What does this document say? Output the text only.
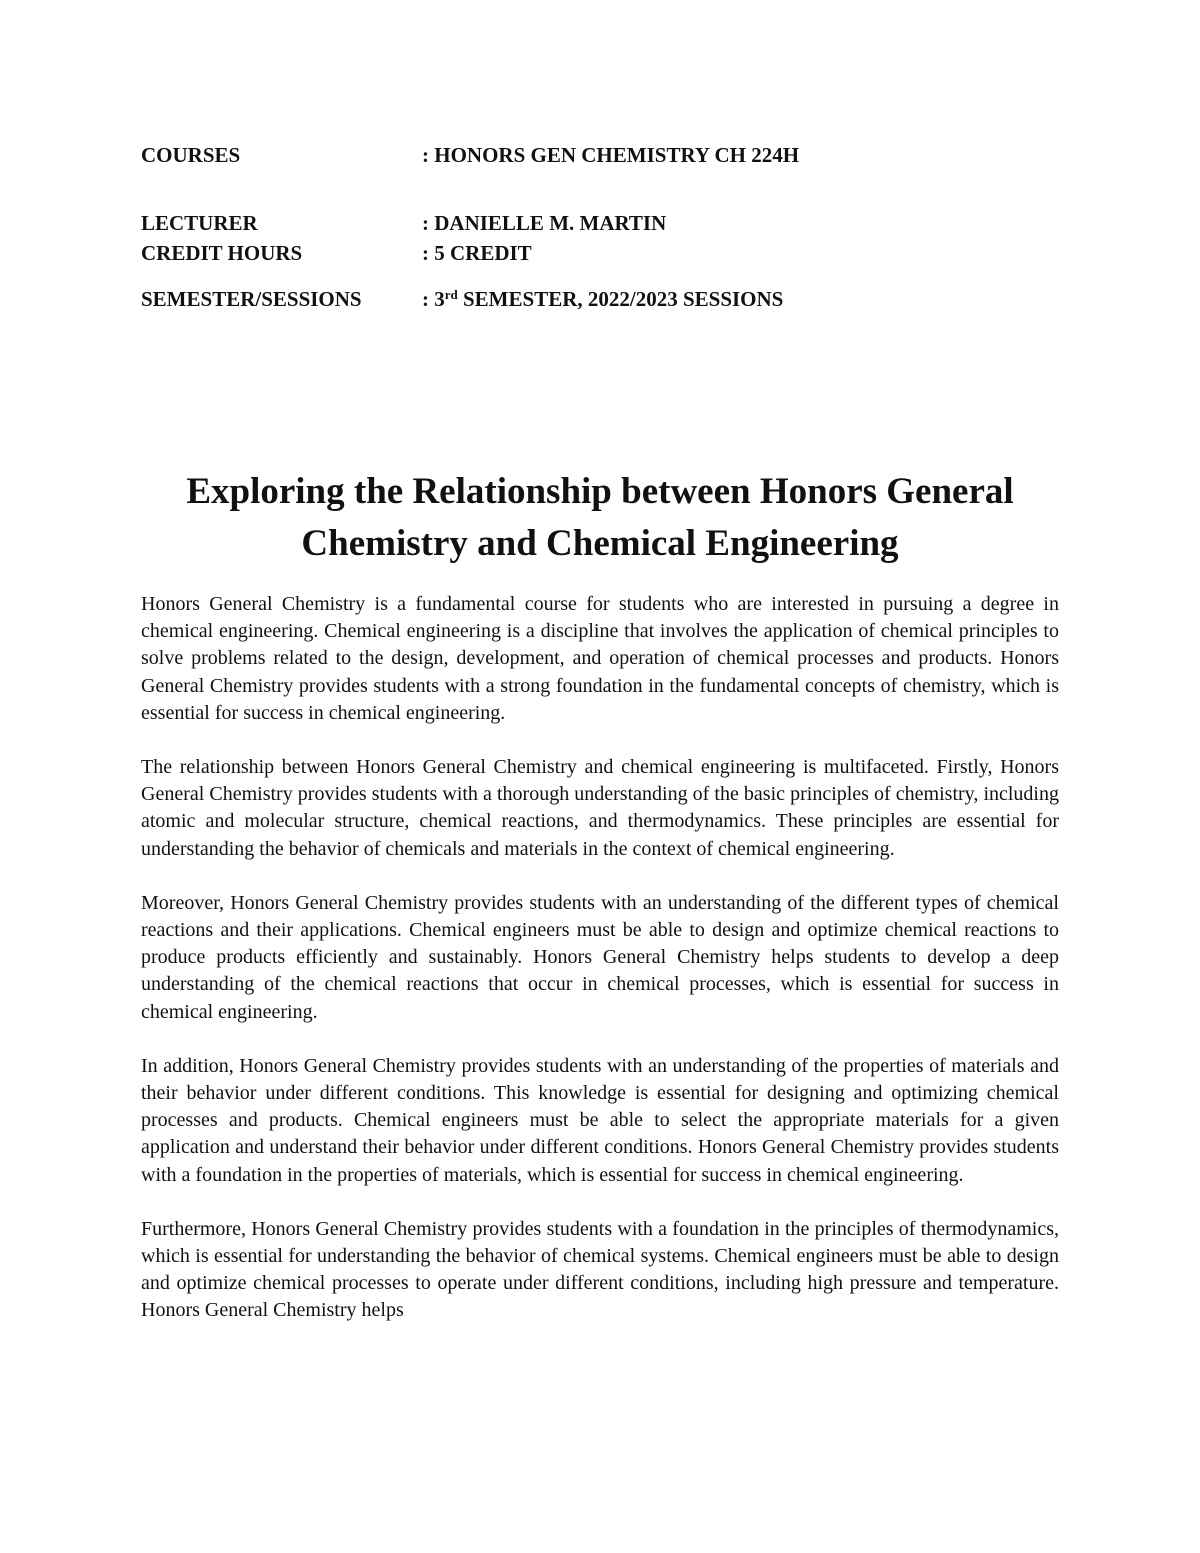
COURSES	: HONORS GEN CHEMISTRY CH 224H
LECTURER	: DANIELLE M. MARTIN
CREDIT HOURS	: 5 CREDIT
SEMESTER/SESSIONS	: 3rd SEMESTER, 2022/2023 SESSIONS
Exploring the Relationship between Honors General
Chemistry and Chemical Engineering

Honors General Chemistry is a fundamental course for students who are interested in pursuing a degree in chemical engineering. Chemical engineering is a discipline that involves the application of chemical principles to solve problems related to the design, development, and operation of chemical processes and products. Honors General Chemistry provides students with a strong foundation in the fundamental concepts of chemistry, which is essential for success in chemical engineering.

The relationship between Honors General Chemistry and chemical engineering is multifaceted. Firstly, Honors General Chemistry provides students with a thorough understanding of the basic principles of chemistry, including atomic and molecular structure, chemical reactions, and thermodynamics. These principles are essential for understanding the behavior of chemicals and materials in the context of chemical engineering.

Moreover, Honors General Chemistry provides students with an understanding of the different types of chemical reactions and their applications. Chemical engineers must be able to design and optimize chemical reactions to produce products efficiently and sustainably. Honors General Chemistry helps students to develop a deep understanding of the chemical reactions that occur in chemical processes, which is essential for success in chemical engineering.

In addition, Honors General Chemistry provides students with an understanding of the properties of materials and their behavior under different conditions. This knowledge is essential for designing and optimizing chemical processes and products. Chemical engineers must be able to select the appropriate materials for a given application and understand their behavior under different conditions. Honors General Chemistry provides students with a foundation in the properties of materials, which is essential for success in chemical engineering.

Furthermore, Honors General Chemistry provides students with a foundation in the principles of thermodynamics, which is essential for understanding the behavior of chemical systems. Chemical engineers must be able to design and optimize chemical processes to operate under different conditions, including high pressure and temperature. Honors General Chemistry helps
